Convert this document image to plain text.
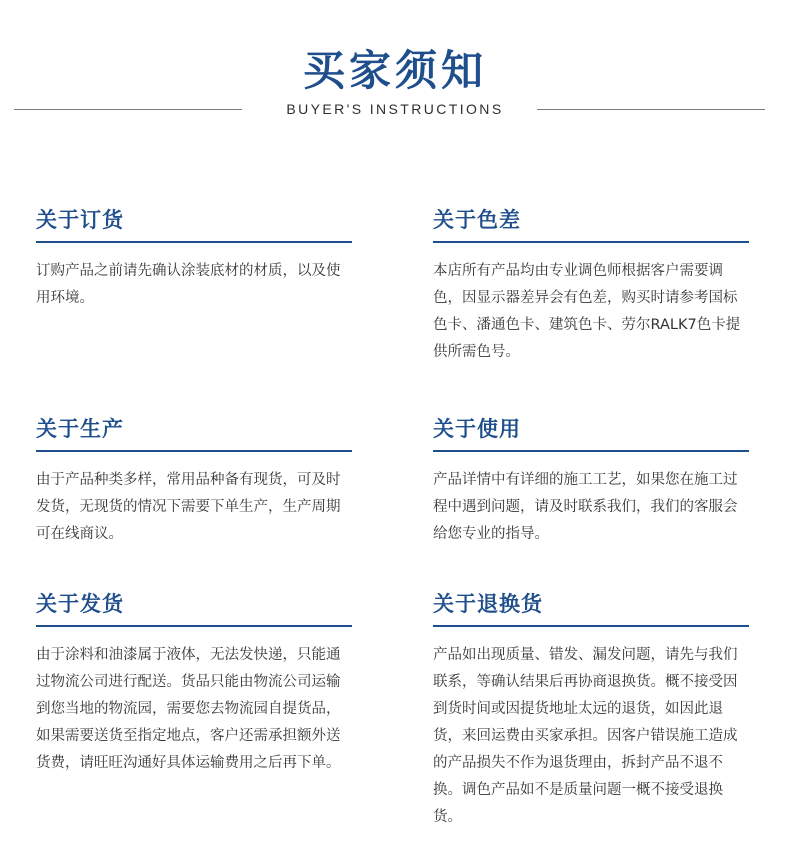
买家须知
BUYER'S INSTRUCTIONS
关于订货
订购产品之前请先确认涂装底材的材质，以及使用环境。
关于色差
本店所有产品均由专业调色师根据客户需要调色，因显示器差异会有色差，购买时请参考国标色卡、潘通色卡、建筑色卡、劳尔RALK7色卡提供所需色号。
关于生产
由于产品种类多样，常用品种备有现货，可及时发货，无现货的情况下需要下单生产，生产周期可在线商议。
关于使用
产品详情中有详细的施工工艺，如果您在施工过程中遇到问题，请及时联系我们，我们的客服会给您专业的指导。
关于发货
由于涂料和油漆属于液体，无法发快递，只能通过物流公司进行配送。货品只能由物流公司运输到您当地的物流园，需要您去物流园自提货品，如果需要送货至指定地点，客户还需承担额外送货费，请旺旺沟通好具体运输费用之后再下单。
关于退换货
产品如出现质量、错发、漏发问题，请先与我们联系，等确认结果后再协商退换货。概不接受因到货时间或因提货地址太远的退货，如因此退货，来回运费由买家承担。因客户错误施工造成的产品损失不作为退货理由，拆封产品不退不换。调色产品如不是质量问题一概不接受退换货。
